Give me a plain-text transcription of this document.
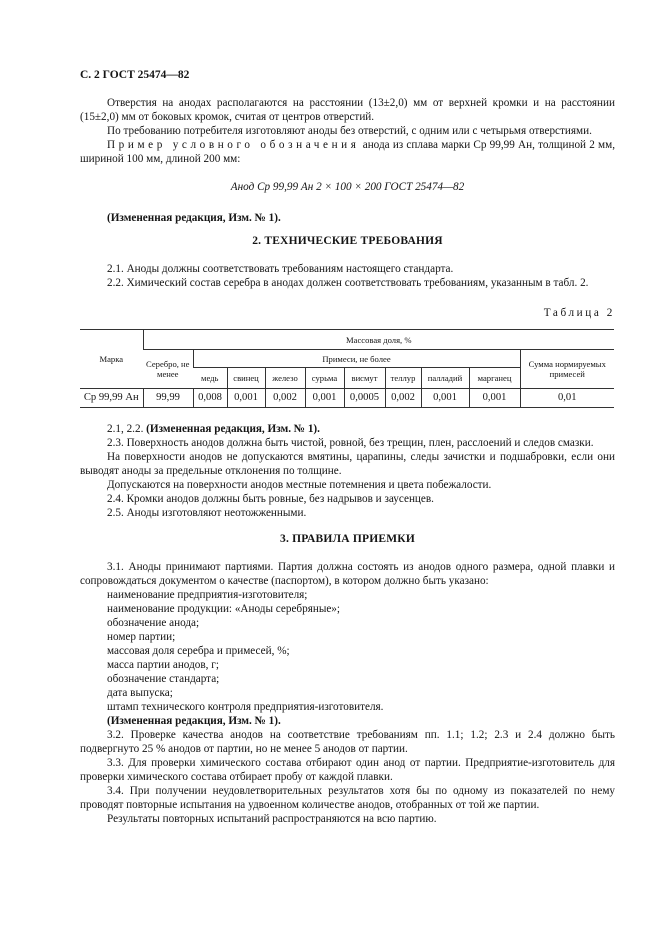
С. 2 ГОСТ 25474—82

Отверстия на анодах располагаются на расстоянии (13±2,0) мм от верхней кромки и на расстоянии (15±2,0) мм от боковых кромок, считая от центров отверстий.

По требованию потребителя изготовляют аноды без отверстий, с одним или с четырьмя отверстиями.

Пример условного обозначения анода из сплава марки Ср 99,99 Ан, толщиной 2 мм, шириной 100 мм, длиной 200 мм:

Анод Ср 99,99 Ан 2 × 100 × 200 ГОСТ 25474—82

(Измененная редакция, Изм. № 1).

2. ТЕХНИЧЕСКИЕ ТРЕБОВАНИЯ

2.1. Аноды должны соответствовать требованиям настоящего стандарта.

2.2. Химический состав серебра в анодах должен соответствовать требованиям, указанным в табл. 2.

Таблица 2

Марка	Массовая доля, %									
	Серебро, не менее	Примеси, не более								Сумма нормируемых примесей
		медь	свинец	железо	сурьма	висмут	теллур	палладий	марганец	
Ср 99,99 Ан	99,99	0,008	0,001	0,002	0,001	0,0005	0,002	0,001	0,001	0,01

2.1, 2.2. (Измененная редакция, Изм. № 1).

2.3. Поверхность анодов должна быть чистой, ровной, без трещин, плен, расслоений и следов смазки.

На поверхности анодов не допускаются вмятины, царапины, следы зачистки и подшабровки, если они выводят аноды за предельные отклонения по толщине.

Допускаются на поверхности анодов местные потемнения и цвета побежалости.

2.4. Кромки анодов должны быть ровные, без надрывов и заусенцев.

2.5. Аноды изготовляют неотожженными.

3. ПРАВИЛА ПРИЕМКИ

3.1. Аноды принимают партиями. Партия должна состоять из анодов одного размера, одной плавки и сопровождаться документом о качестве (паспортом), в котором должно быть указано:

наименование предприятия-изготовителя;

наименование продукции: «Аноды серебряные»;

обозначение анода;

номер партии;

массовая доля серебра и примесей, %;

масса партии анодов, г;

обозначение стандарта;

дата выпуска;

штамп технического контроля предприятия-изготовителя.

(Измененная редакция, Изм. № 1).

3.2. Проверке качества анодов на соответствие требованиям пп. 1.1; 1.2; 2.3 и 2.4 должно быть подвергнуто 25 % анодов от партии, но не менее 5 анодов от партии.

3.3. Для проверки химического состава отбирают один анод от партии. Предприятие-изготовитель для проверки химического состава отбирает пробу от каждой плавки.

3.4. При получении неудовлетворительных результатов хотя бы по одному из показателей по нему проводят повторные испытания на удвоенном количестве анодов, отобранных от той же партии.

Результаты повторных испытаний распространяются на всю партию.
